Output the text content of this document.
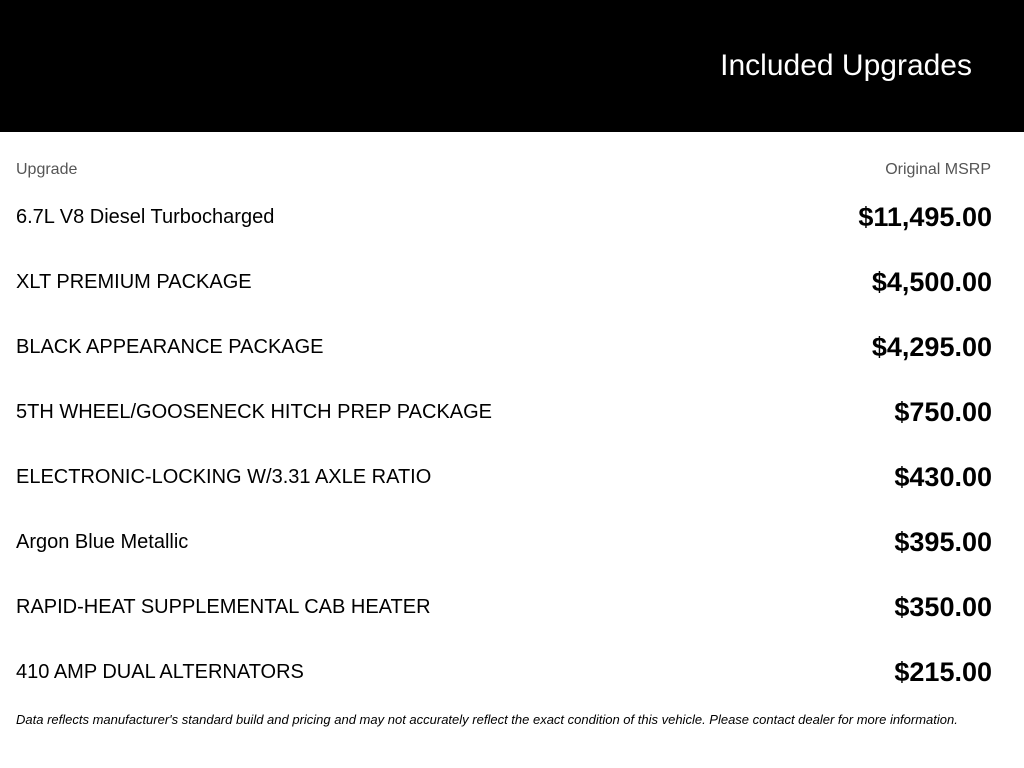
Included Upgrades
Upgrade	Original MSRP
6.7L V8 Diesel Turbocharged	$11,495.00
XLT PREMIUM PACKAGE	$4,500.00
BLACK APPEARANCE PACKAGE	$4,295.00
5TH WHEEL/GOOSENECK HITCH PREP PACKAGE	$750.00
ELECTRONIC-LOCKING W/3.31 AXLE RATIO	$430.00
Argon Blue Metallic	$395.00
RAPID-HEAT SUPPLEMENTAL CAB HEATER	$350.00
410 AMP DUAL ALTERNATORS	$215.00
Data reflects manufacturer's standard build and pricing and may not accurately reflect the exact condition of this vehicle. Please contact dealer for more information.
